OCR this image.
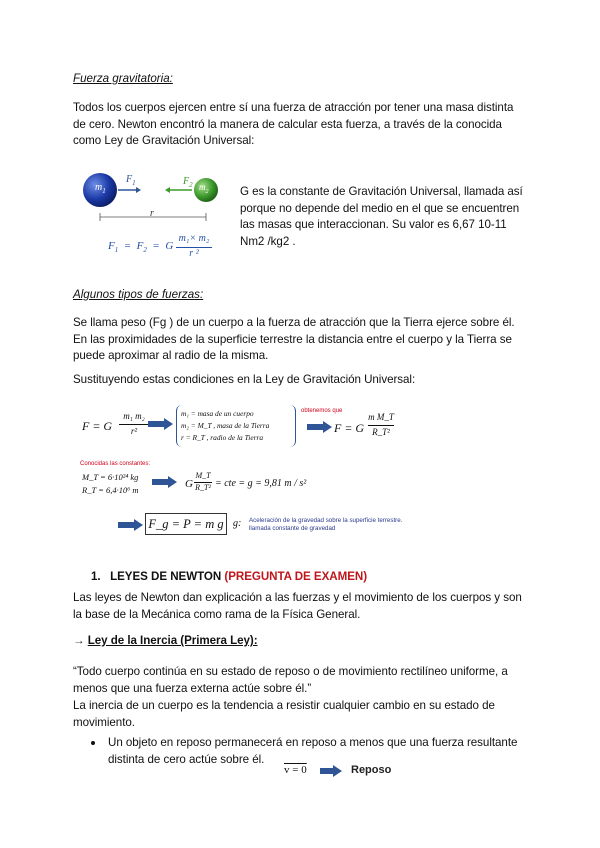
Fuerza gravitatoria:
Todos los cuerpos ejercen entre sí una fuerza de atracción por tener una masa distinta de cero. Newton encontró la manera de calcular esta fuerza, a través de la conocida como Ley de Gravitación Universal:
$m_1$	$m_2$
$F_1$	$F_2$
r
$F_1 = F_2 = G$
m₁× m₂
r ²
G es la constante de Gravitación Universal, llamada así porque no depende del medio en el que se encuentren las masas que interaccionan. Su valor es 6,67 10-11 Nm2 /kg2 .
Algunos tipos de fuerzas:
Se llama peso (Fg ) de un cuerpo a la fuerza de atracción que la Tierra ejerce sobre él. En las proximidades de la superficie terrestre la distancia entre el cuerpo y la Tierra se puede aproximar al radio de la misma.
Sustituyendo estas condiciones en la Ley de Gravitación Universal:
F = G
m₁ m₂
r²
m₁ = masa de un cuerpo
m₂ = M_T , masa de la Tierra
r = R_T , radio de la Tierra
obtenemos que
F = G
m M_T
R_T²
Conocidas las constantes:
M_T = 6·10²⁴ kg
R_T = 6,4·10⁶ m	G
M_T
R_T² = cte = g = 9,81 m / s²
F_g = P = m g g: Aceleración de la gravedad sobre la superficie terrestre. llamada constante de gravedad
1. LEYES DE NEWTON (PREGUNTA DE EXAMEN)
Las leyes de Newton dan explicación a las fuerzas y el movimiento de los cuerpos y son la base de la Mecánica como rama de la Física General.
→ Ley de la Inercia (Primera Ley):
“Todo cuerpo continúa en su estado de reposo o de movimiento rectilíneo uniforme, a menos que una fuerza externa actúe sobre él.”
La inercia de un cuerpo es la tendencia a resistir cualquier cambio en su estado de movimiento.
Un objeto en reposo permanecerá en reposo a menos que una fuerza resultante distinta de cero actúe sobre él.
v = 0	Reposo
